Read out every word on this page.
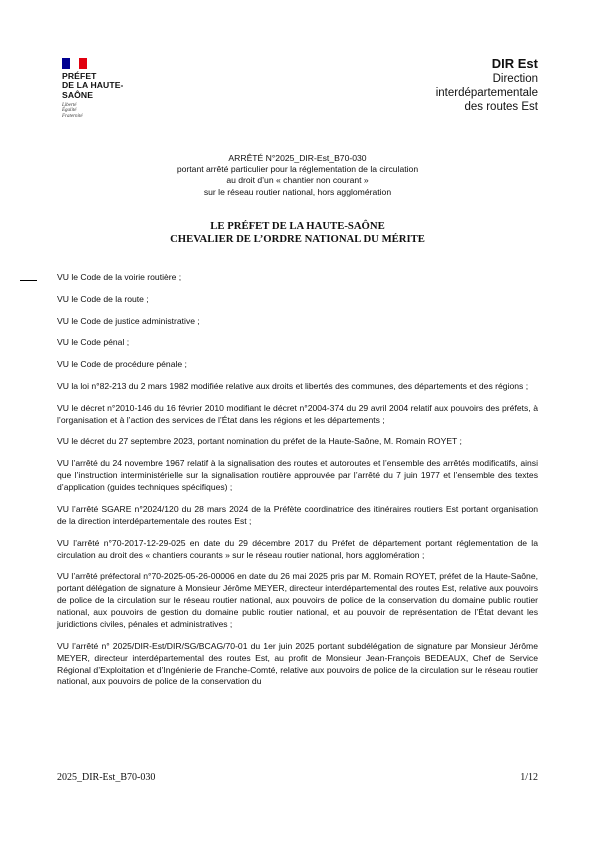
PRÉFET
DE LA HAUTE-
SAÔNE
Liberté
Égalité
Fraternité
DIR Est
Direction
interdépartementale
des routes Est
ARRÊTÉ N°2025_DIR-Est_B70-030
portant arrêté particulier pour la réglementation de la circulation
au droit d’un « chantier non courant »
sur le réseau routier national, hors agglomération
LE PRÉFET DE LA HAUTE-SAÔNE
CHEVALIER DE L’ORDRE NATIONAL DU MÉRITE

VU le Code de la voirie routière ;

VU le Code de la route ;

VU le Code de justice administrative ;

VU le Code pénal ;

VU le Code de procédure pénale ;

VU la loi n°82-213 du 2 mars 1982 modifiée relative aux droits et libertés des communes, des départements et des régions ;

VU le décret n°2010-146 du 16 février 2010 modifiant le décret n°2004-374 du 29 avril 2004 relatif aux pouvoirs des préfets, à l’organisation et à l’action des services de l’État dans les régions et les départements ;

VU le décret du 27 septembre 2023, portant nomination du préfet de la Haute-Saône, M. Romain ROYET ;

VU l’arrêté du 24 novembre 1967 relatif à la signalisation des routes et autoroutes et l’ensemble des arrêtés modificatifs, ainsi que l’instruction interministérielle sur la signalisation routière approuvée par l’arrêté du 7 juin 1977 et l’ensemble des textes d’application (guides techniques spécifiques) ;

VU l’arrêté SGARE n°2024/120 du 28 mars 2024 de la Préfète coordinatrice des itinéraires routiers Est portant organisation de la direction interdépartementale des routes Est ;

VU l’arrêté n°70-2017-12-29-025 en date du 29 décembre 2017 du Préfet de département portant réglementation de la circulation au droit des « chantiers courants » sur le réseau routier national, hors agglomération ;

VU l’arrêté préfectoral n°70-2025-05-26-00006 en date du 26 mai 2025 pris par M. Romain ROYET, préfet de la Haute-Saône, portant délégation de signature à Monsieur Jérôme MEYER, directeur interdépartemental des routes Est, relative aux pouvoirs de police de la circulation sur le réseau routier national, aux pouvoirs de police de la conservation du domaine public routier national, aux pouvoirs de gestion du domaine public routier national, et au pouvoir de représentation de l’État devant les juridictions civiles, pénales et administratives ;

VU l’arrêté n° 2025/DIR-Est/DIR/SG/BCAG/70-01 du 1er juin 2025 portant subdélégation de signature par Monsieur Jérôme MEYER, directeur interdépartemental des routes Est, au profit de Monsieur Jean-François BEDEAUX, Chef de Service Régional d’Exploitation et d’Ingénierie de Franche-Comté, relative aux pouvoirs de police de la circulation sur le réseau routier national, aux pouvoirs de police de la conservation du

2025_DIR-Est_B70-030	1/12
